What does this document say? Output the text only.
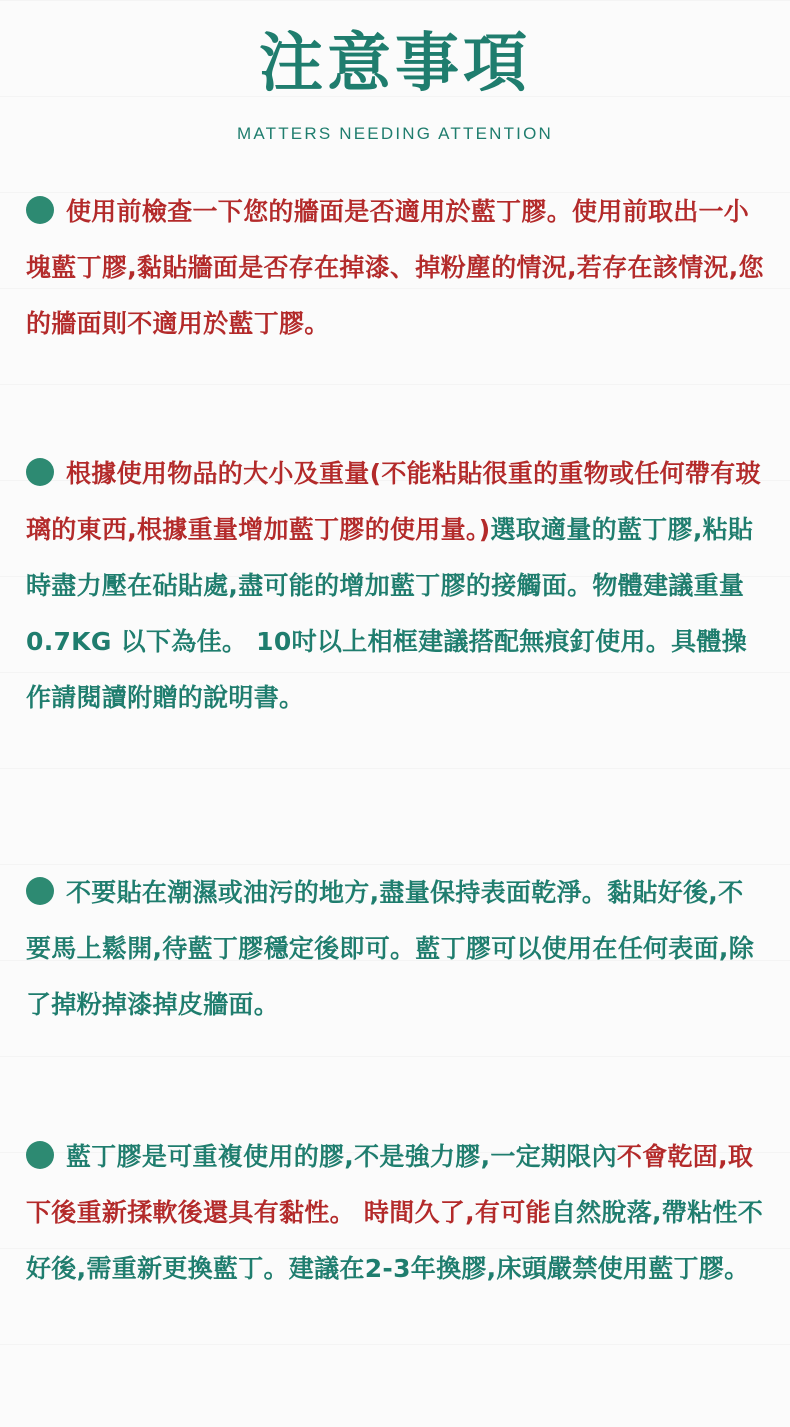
注意事項
MATTERS NEEDING ATTENTION
使用前檢查一下您的牆面是否適用於藍丁膠。使用前取出一小塊藍丁膠,黏貼牆面是否存在掉漆、掉粉塵的情況,若存在該情況,您的牆面則不適用於藍丁膠。
根據使用物品的大小及重量(不能粘貼很重的重物或任何帶有玻璃的東西,根據重量增加藍丁膠的使用量。)選取適量的藍丁膠,粘貼時盡力壓在砧貼處,盡可能的增加藍丁膠的接觸面。物體建議重量0.7KG 以下為佳。 10吋以上相框建議搭配無痕釘使用。具體操作請閱讀附贈的說明書。
不要貼在潮濕或油污的地方,盡量保持表面乾淨。黏貼好後,不要馬上鬆開,待藍丁膠穩定後即可。藍丁膠可以使用在任何表面,除了掉粉掉漆掉皮牆面。
藍丁膠是可重複使用的膠,不是強力膠,一定期限內不會乾固,取下後重新揉軟後還具有黏性。 時間久了,有可能自然脫落,帶粘性不好後,需重新更換藍丁。建議在2-3年換膠,床頭嚴禁使用藍丁膠。
